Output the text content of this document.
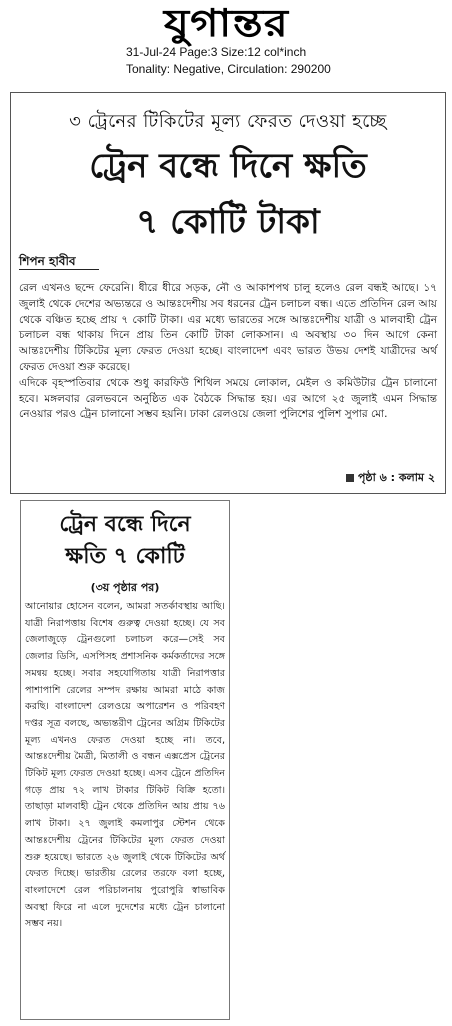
যুগান্তর
31-Jul-24 Page:3 Size:12 col*inch
Tonality: Negative, Circulation: 290200
৩ ট্রেনের টিকিটের মূল্য ফেরত দেওয়া হচ্ছে
ট্রেন বন্ধে দিনে ক্ষতি
৭ কোটি টাকা
শিপন হাবীব

রেল এখনও ছন্দে ফেরেনি। ধীরে ধীরে সড়ক, নৌ ও আকাশপথ চালু হলেও রেল বন্ধই আছে। ১৭ জুলাই থেকে দেশের অভ্যন্তরে ও আন্তঃদেশীয় সব ধরনের ট্রেন চলাচল বন্ধ। এতে প্রতিদিন রেল আয় থেকে বঞ্চিত হচ্ছে প্রায় ৭ কোটি টাকা। এর মধ্যে ভারতের সঙ্গে আন্তঃদেশীয় যাত্রী ও মালবাহী ট্রেন চলাচল বন্ধ থাকায় দিনে প্রায় তিন কোটি টাকা লোকসান। এ অবস্থায় ৩০ দিন আগে কেনা আন্তঃদেশীয় টিকিটের মূল্য ফেরত দেওয়া হচ্ছে। বাংলাদেশ এবং ভারত উভয় দেশই যাত্রীদের অর্থ ফেরত দেওয়া শুরু করেছে।

এদিকে বৃহস্পতিবার থেকে শুধু কারফিউ শিথিল সময়ে লোকাল, মেইল ও কমিউটার ট্রেন চালানো হবে। মঙ্গলবার রেলভবনে অনুষ্ঠিত এক বৈঠকে সিদ্ধান্ত হয়। এর আগে ২৫ জুলাই এমন সিদ্ধান্ত নেওয়ার পরও ট্রেন চালানো সম্ভব হয়নি। ঢাকা রেলওয়ে জেলা পুলিশের পুলিশ সুপার মো.

পৃষ্ঠা ৬ : কলাম ২
ট্রেন বন্ধে দিনে
ক্ষতি ৭ কোটি
(৩য় পৃষ্ঠার পর)
আনোয়ার হোসেন বলেন, আমরা সতর্কাবস্থায় আছি। যাত্রী নিরাপত্তায় বিশেষ গুরুত্ব দেওয়া হচ্ছে। যে সব জেলাজুড়ে ট্রেনগুলো চলাচল করে—সেই সব জেলার ডিসি, এসপিসহ প্রশাসনিক কর্মকর্তাদের সঙ্গে সমন্বয় হচ্ছে। সবার সহযোগিতায় যাত্রী নিরাপত্তার পাশাপাশি রেলের সম্পদ রক্ষায় আমরা মাঠে কাজ করছি। বাংলাদেশ রেলওয়ে অপারেশন ও পরিবহণ দপ্তর সূত্র বলছে, অভ্যন্তরীণ ট্রেনের অগ্রিম টিকিটের মূল্য এখনও ফেরত দেওয়া হচ্ছে না। তবে, আন্তঃদেশীয় মৈত্রী, মিতালী ও বন্ধন এক্সপ্রেস ট্রেনের টিকিট মূল্য ফেরত দেওয়া হচ্ছে। এসব ট্রেনে প্রতিদিন গড়ে প্রায় ৭২ লাখ টাকার টিকিট বিক্রি হতো। তাছাড়া মালবাহী ট্রেন থেকে প্রতিদিন আয় প্রায় ৭৬ লাখ টাকা। ২৭ জুলাই কমলাপুর স্টেশন থেকে আন্তঃদেশীয় ট্রেনের টিকিটের মূল্য ফেরত দেওয়া শুরু হয়েছে। ভারতে ২৬ জুলাই থেকে টিকিটের অর্থ ফেরত দিচ্ছে। ভারতীয় রেলের তরফে বলা হচ্ছে, বাংলাদেশে রেল পরিচালনায় পুরোপুরি স্বাভাবিক অবস্থা ফিরে না এলে দুদেশের মধ্যে ট্রেন চালানো সম্ভব নয়।
